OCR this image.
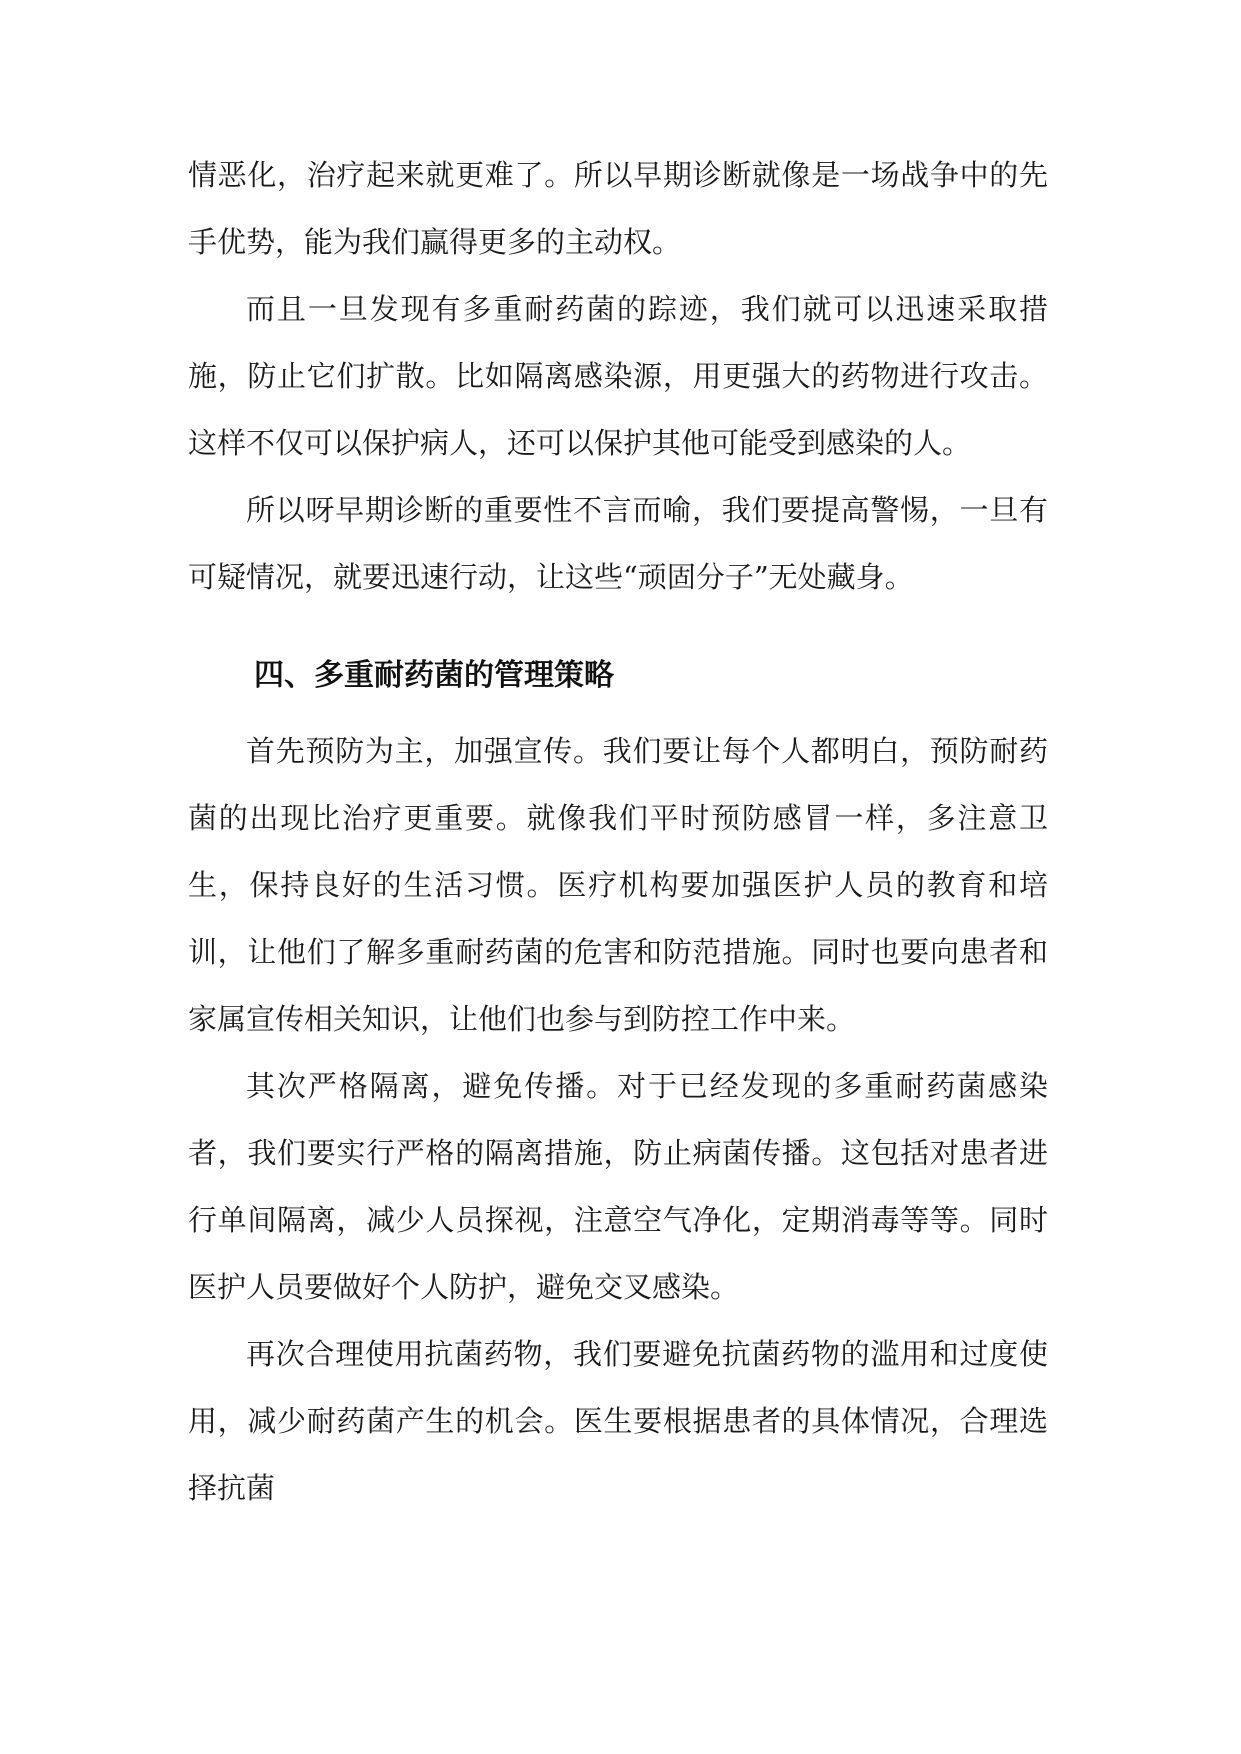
情恶化，治疗起来就更难了。所以早期诊断就像是一场战争中的先手优势，能为我们赢得更多的主动权。

而且一旦发现有多重耐药菌的踪迹，我们就可以迅速采取措施，防止它们扩散。比如隔离感染源，用更强大的药物进行攻击。这样不仅可以保护病人，还可以保护其他可能受到感染的人。

所以呀早期诊断的重要性不言而喻，我们要提高警惕，一旦有可疑情况，就要迅速行动，让这些“顽固分子”无处藏身。

四、多重耐药菌的管理策略

首先预防为主，加强宣传。我们要让每个人都明白，预防耐药菌的出现比治疗更重要。就像我们平时预防感冒一样，多注意卫生，保持良好的生活习惯。医疗机构要加强医护人员的教育和培训，让他们了解多重耐药菌的危害和防范措施。同时也要向患者和家属宣传相关知识，让他们也参与到防控工作中来。

其次严格隔离，避免传播。对于已经发现的多重耐药菌感染者，我们要实行严格的隔离措施，防止病菌传播。这包括对患者进行单间隔离，减少人员探视，注意空气净化，定期消毒等等。同时医护人员要做好个人防护，避免交叉感染。

再次合理使用抗菌药物，我们要避免抗菌药物的滥用和过度使用，减少耐药菌产生的机会。医生要根据患者的具体情况，合理选择抗菌
